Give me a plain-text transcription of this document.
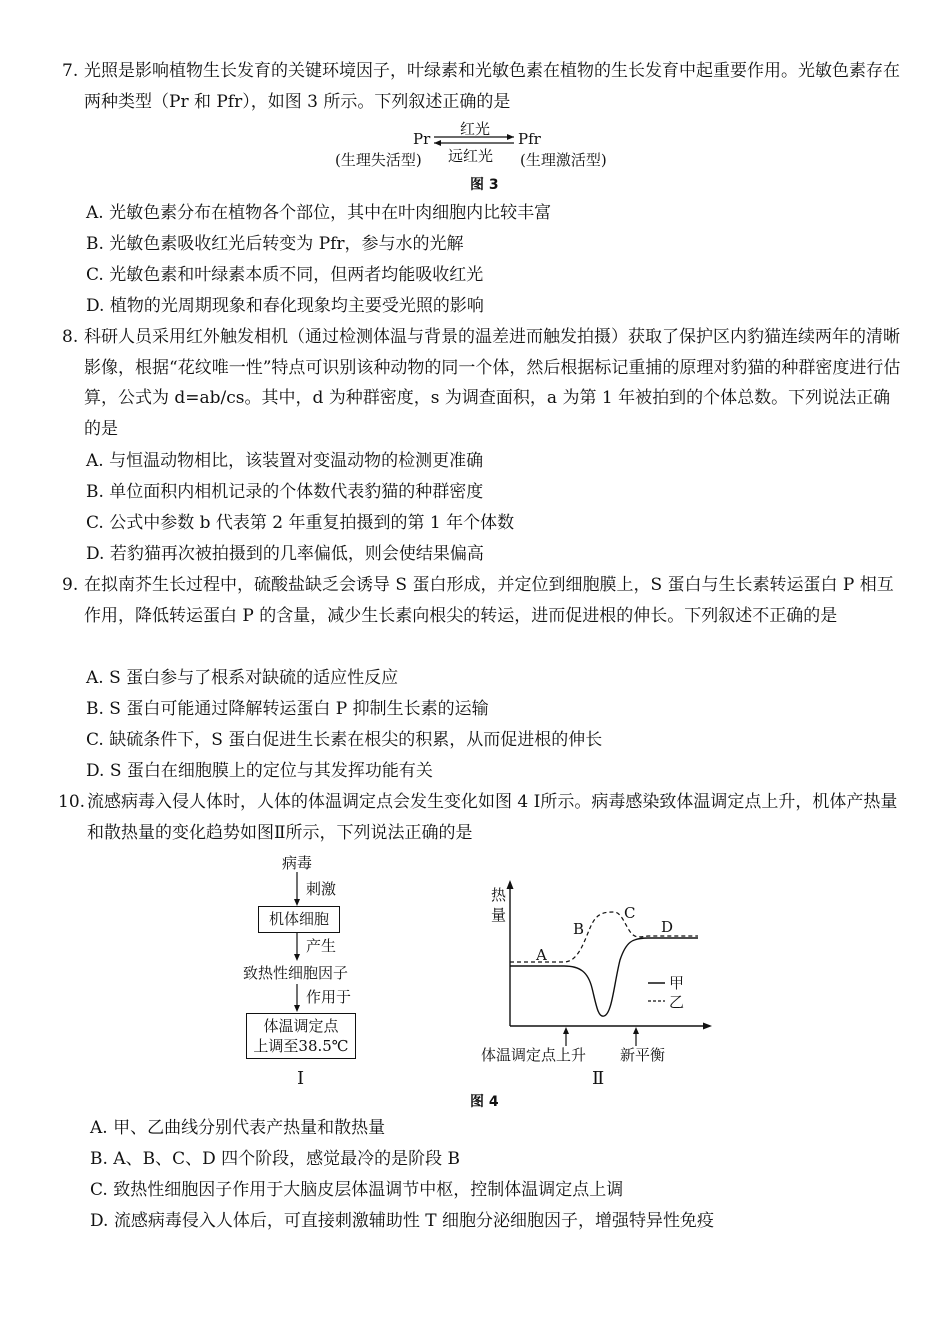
7. 光照是影响植物生长发育的关键环境因子，叶绿素和光敏色素在植物的生长发育中起重要作用。光敏色素存在两种类型（Pr 和 Pfr），如图 3 所示。下列叙述正确的是
Pr	Pfr
红光
远红光
(生理失活型)	(生理激活型)
图 3
A. 光敏色素分布在植物各个部位，其中在叶肉细胞内比较丰富
B. 光敏色素吸收红光后转变为 Pfr，参与水的光解
C. 光敏色素和叶绿素本质不同，但两者均能吸收红光
D. 植物的光周期现象和春化现象均主要受光照的影响
8. 科研人员采用红外触发相机（通过检测体温与背景的温差进而触发拍摄）获取了保护区内豹猫连续两年的清晰影像，根据“花纹唯一性”特点可识别该种动物的同一个体，然后根据标记重捕的原理对豹猫的种群密度进行估算，公式为 d=ab/cs。其中，d 为种群密度，s 为调查面积，a 为第 1 年被拍到的个体总数。下列说法正确的是
A. 与恒温动物相比，该装置对变温动物的检测更准确
B. 单位面积内相机记录的个体数代表豹猫的种群密度
C. 公式中参数 b 代表第 2 年重复拍摄到的第 1 年个体数
D. 若豹猫再次被拍摄到的几率偏低，则会使结果偏高
9. 在拟南芥生长过程中，硫酸盐缺乏会诱导 S 蛋白形成，并定位到细胞膜上，S 蛋白与生长素转运蛋白 P 相互作用，降低转运蛋白 P 的含量，减少生长素向根尖的转运，进而促进根的伸长。下列叙述不正确的是
A. S 蛋白参与了根系对缺硫的适应性反应
B. S 蛋白可能通过降解转运蛋白 P 抑制生长素的运输
C. 缺硫条件下，S 蛋白促进生长素在根尖的积累，从而促进根的伸长
D. S 蛋白在细胞膜上的定位与其发挥功能有关
10. 流感病毒入侵人体时，人体的体温调定点会发生变化如图 4 Ⅰ所示。病毒感染致体温调定点上升，机体产热量和散热量的变化趋势如图Ⅱ所示，下列说法正确的是
病毒
刺激
机体细胞
产生
致热性细胞因子
作用于
体温调定点
上调至38.5℃
Ⅰ
热
量
A
B
C
D
甲
乙
体温调定点上升 新平衡
Ⅱ
图 4
A. 甲、乙曲线分别代表产热量和散热量
B. A、B、C、D 四个阶段，感觉最冷的是阶段 B
C. 致热性细胞因子作用于大脑皮层体温调节中枢，控制体温调定点上调
D. 流感病毒侵入人体后，可直接刺激辅助性 T 细胞分泌细胞因子，增强特异性免疫
